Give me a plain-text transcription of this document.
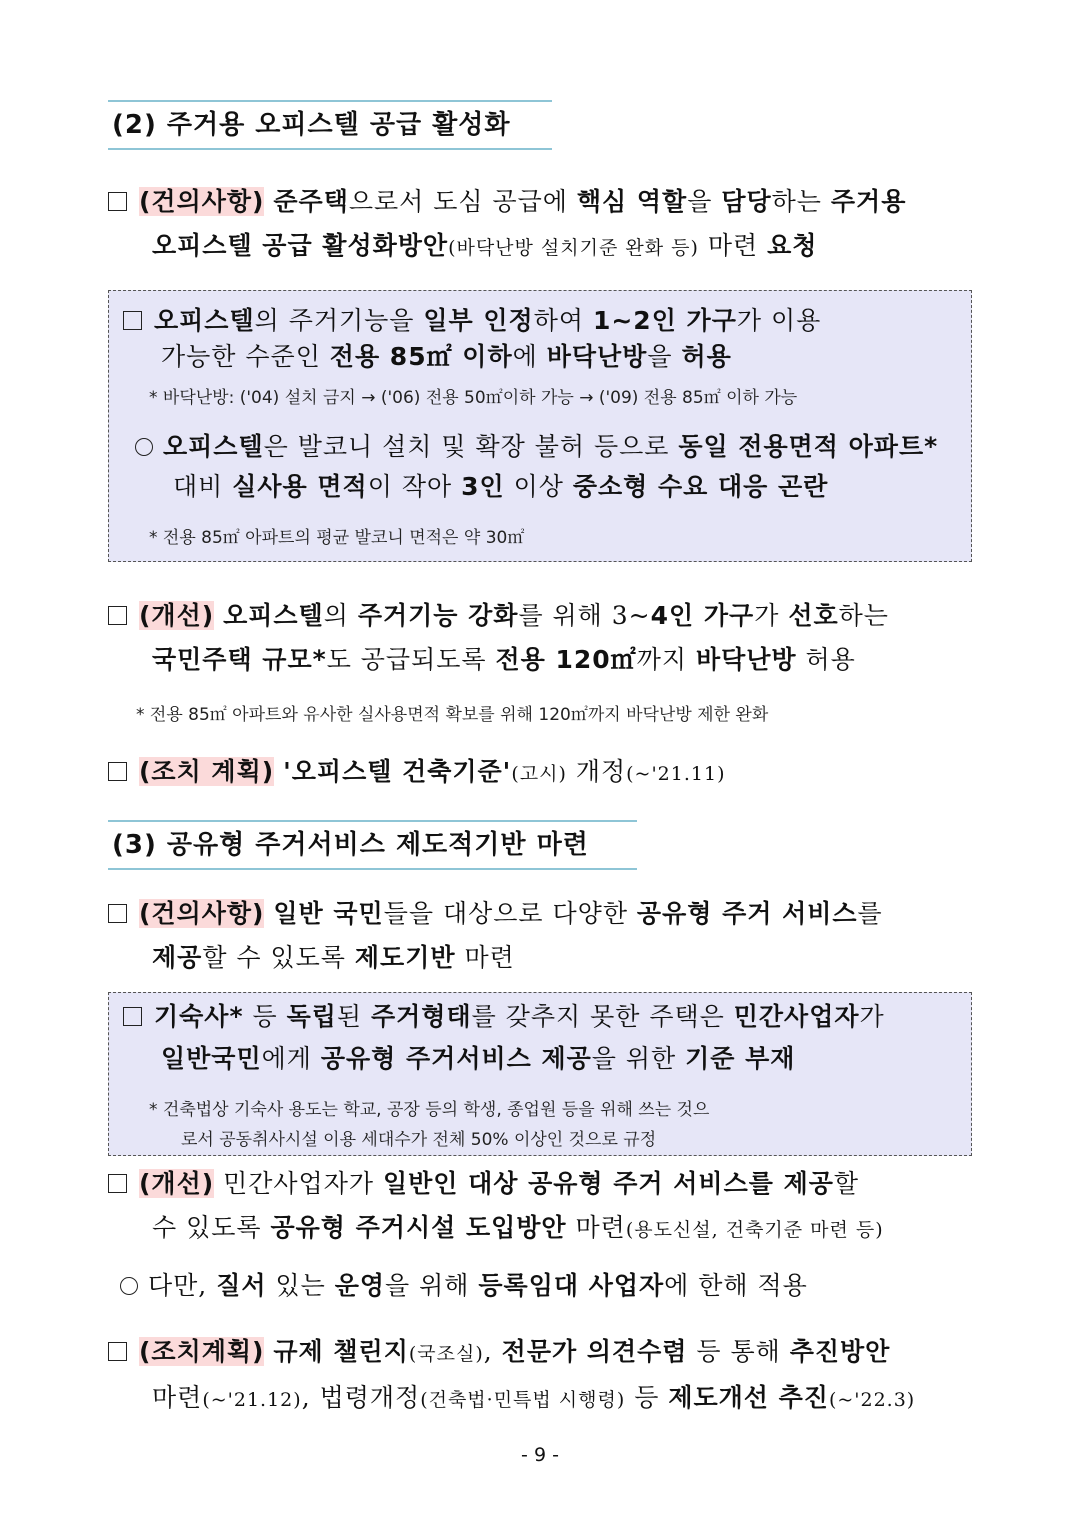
(2) 주거용 오피스텔 공급 활성화
(건의사항) 준주택으로서 도심 공급에 핵심 역할을 담당하는 주거용
오피스텔 공급 활성화방안(바닥난방 설치기준 완화 등) 마련 요청
오피스텔의 주거기능을 일부 인정하여 1~2인 가구가 이용
가능한 수준인 전용 85㎡ 이하에 바닥난방을 허용
* 바닥난방: ('04) 설치 금지 → ('06) 전용 50㎡이하 가능 → ('09) 전용 85㎡ 이하 가능
오피스텔은 발코니 설치 및 확장 불허 등으로 동일 전용면적 아파트*
대비 실사용 면적이 작아 3인 이상 중소형 수요 대응 곤란
* 전용 85㎡ 아파트의 평균 발코니 면적은 약 30㎡
(개선) 오피스텔의 주거기능 강화를 위해 3~4인 가구가 선호하는
국민주택 규모*도 공급되도록 전용 120㎡까지 바닥난방 허용
* 전용 85㎡ 아파트와 유사한 실사용면적 확보를 위해 120㎡까지 바닥난방 제한 완화
(조치 계획) '오피스텔 건축기준'(고시) 개정(~'21.11)
(3) 공유형 주거서비스 제도적기반 마련
(건의사항) 일반 국민들을 대상으로 다양한 공유형 주거 서비스를
제공할 수 있도록 제도기반 마련
기숙사* 등 독립된 주거형태를 갖추지 못한 주택은 민간사업자가
일반국민에게 공유형 주거서비스 제공을 위한 기준 부재
* 건축법상 기숙사 용도는 학교, 공장 등의 학생, 종업원 등을 위해 쓰는 것으
로서 공동취사시설 이용 세대수가 전체 50% 이상인 것으로 규정
(개선) 민간사업자가 일반인 대상 공유형 주거 서비스를 제공할
수 있도록 공유형 주거시설 도입방안 마련(용도신설, 건축기준 마련 등)
다만, 질서 있는 운영을 위해 등록임대 사업자에 한해 적용
(조치계획) 규제 챌린지(국조실), 전문가 의견수렴 등 통해 추진방안
마련(~'21.12), 법령개정(건축법·민특법 시행령) 등 제도개선 추진(~'22.3)
- 9 -
